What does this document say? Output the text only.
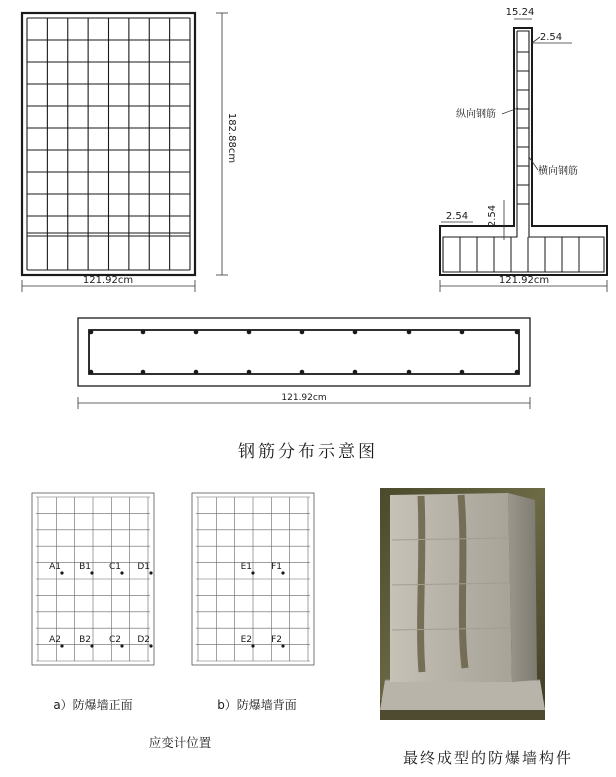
121.92cm
182.88cm
15.24
2.54
纵向钢筋
横向钢筋
2.54 2.54
121.92cm
121.92cm
A1 B1 C1 D1
A2 B2 C2 D2
E1 F1
E2 F2
钢筋分布示意图
a）防爆墙正面	b）防爆墙背面
应变计位置
最终成型的防爆墙构件
